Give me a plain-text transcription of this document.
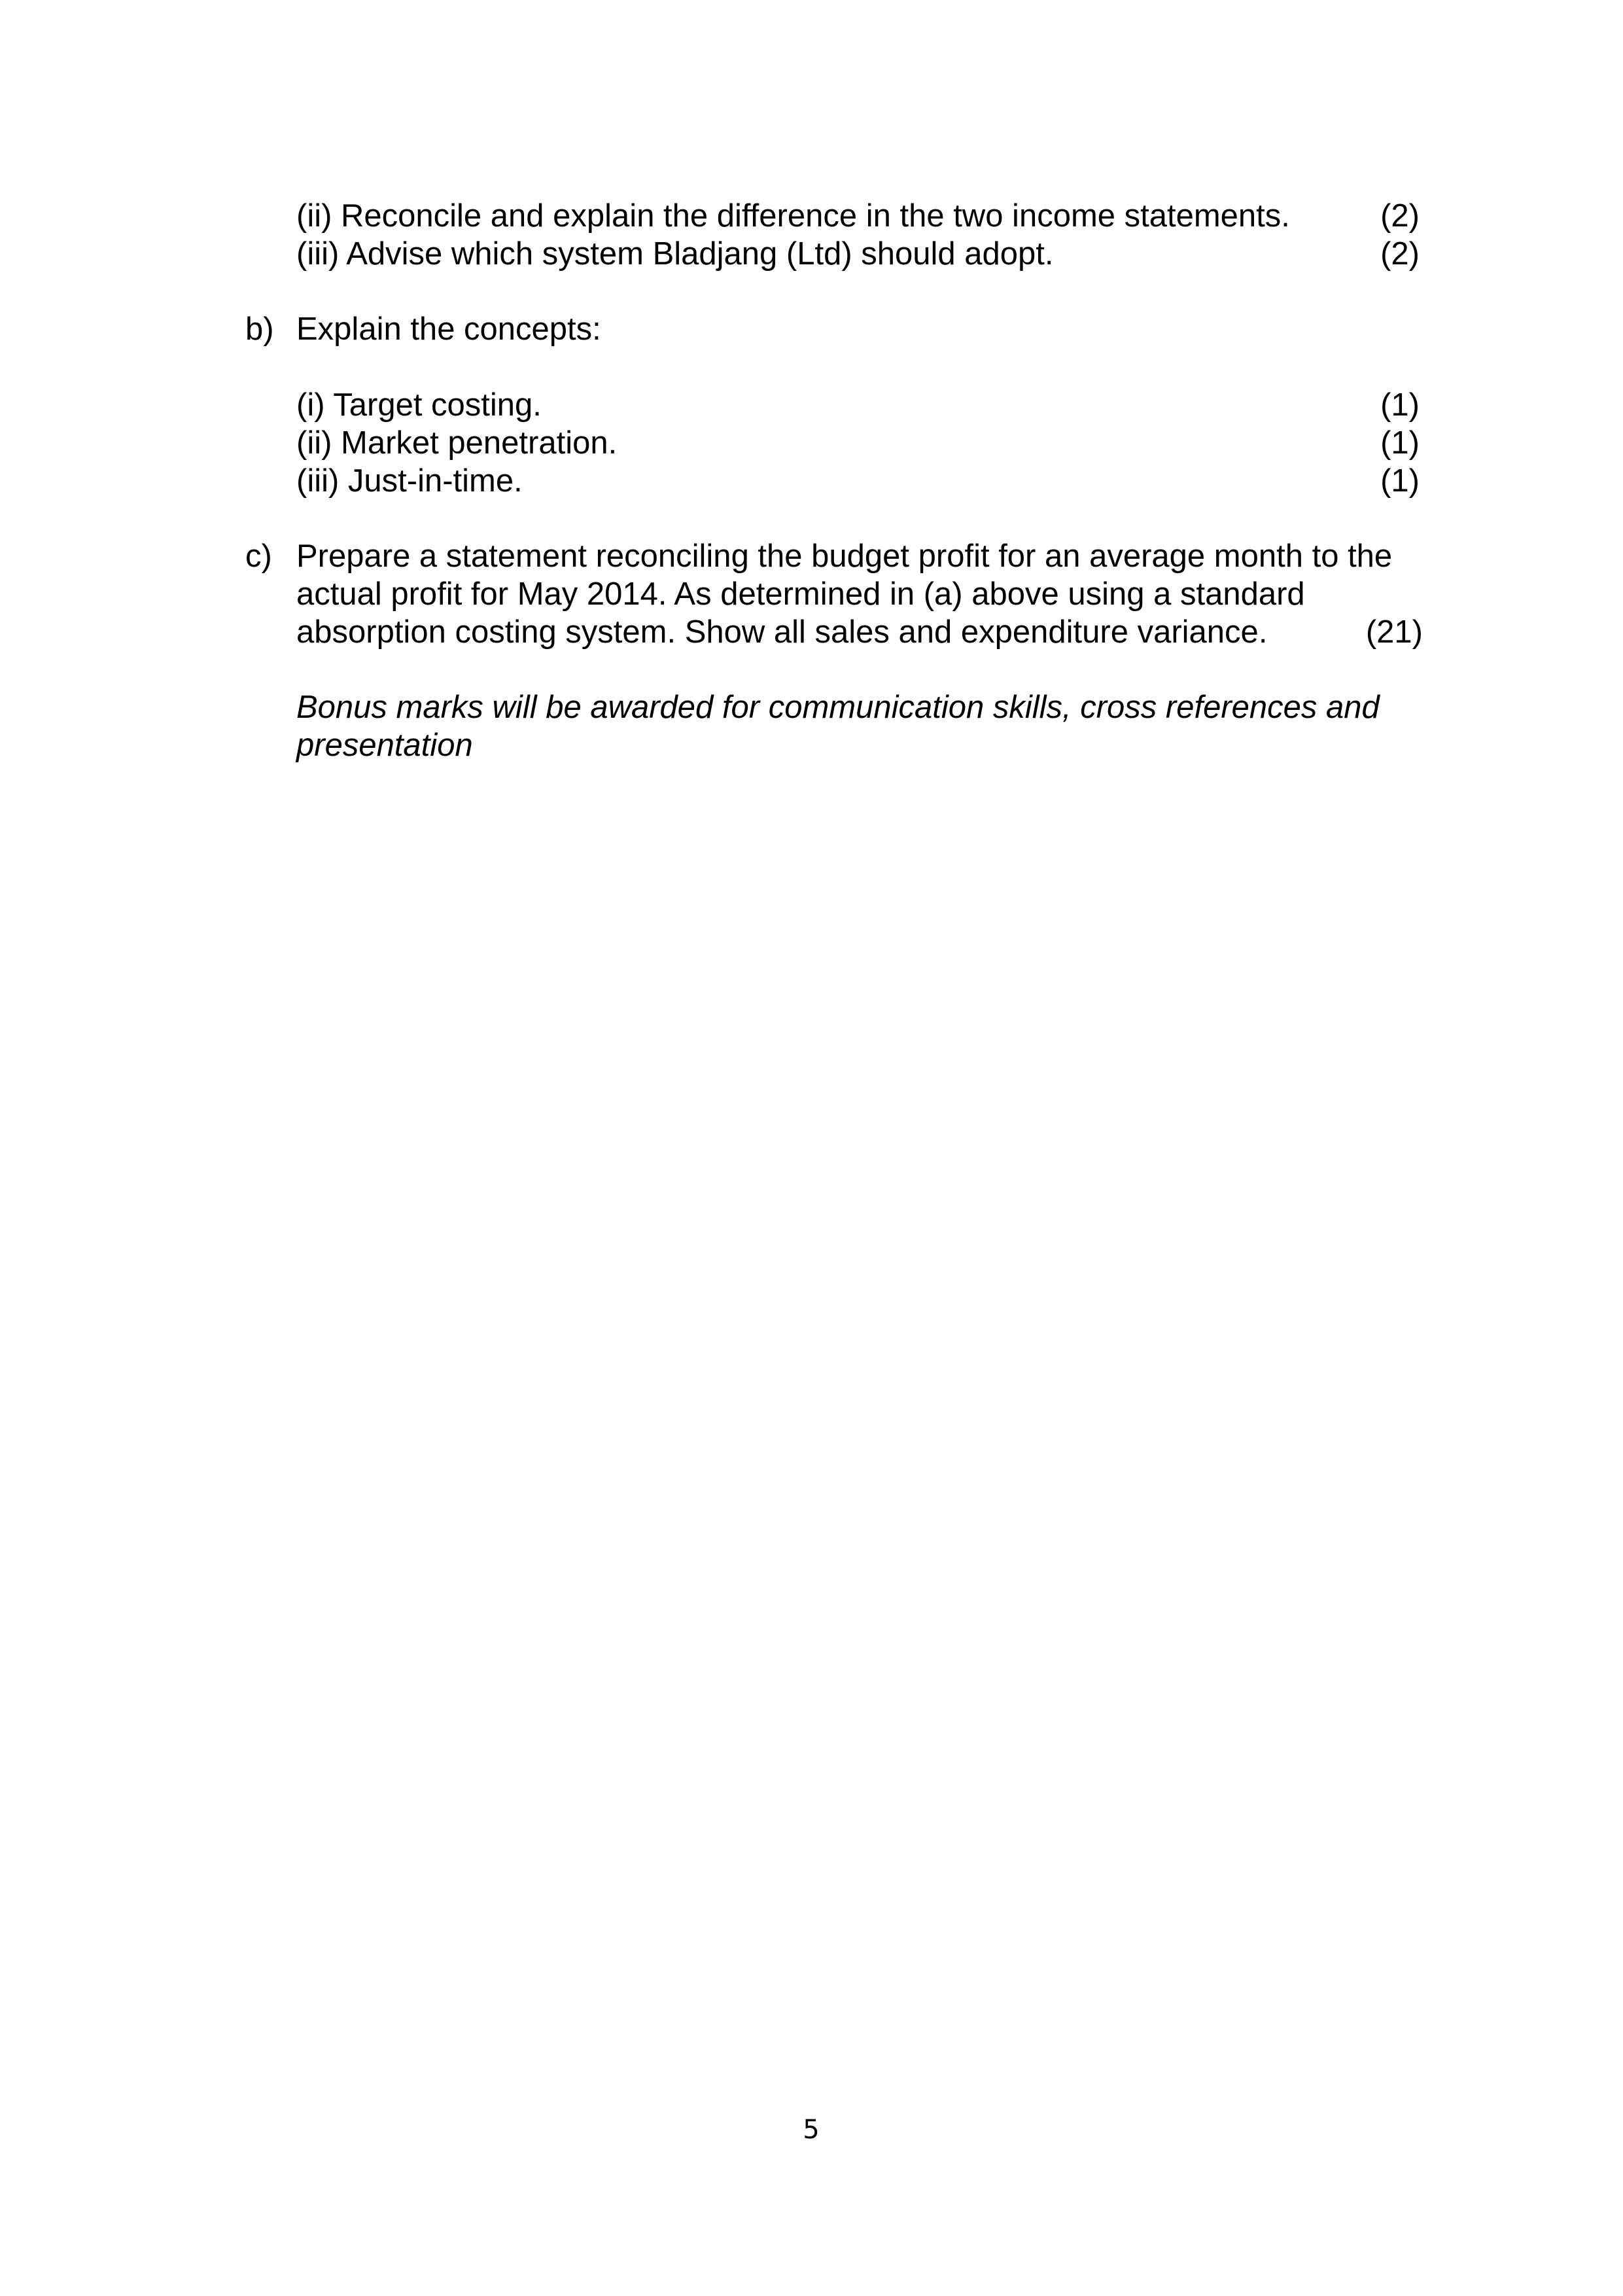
(ii) Reconcile and explain the difference in the two income statements.	(2)
(iii) Advise which system Bladjang (Ltd) should adopt.	(2)
b) Explain the concepts:
(i) Target costing.	(1)
(ii) Market penetration.	(1)
(iii) Just-in-time.	(1)
c) Prepare a statement reconciling the budget profit for an average month to the
actual profit for May 2014. As determined in (a) above using a standard
absorption costing system. Show all sales and expenditure variance.	(21)
Bonus marks will be awarded for communication skills, cross references and
presentation
5
